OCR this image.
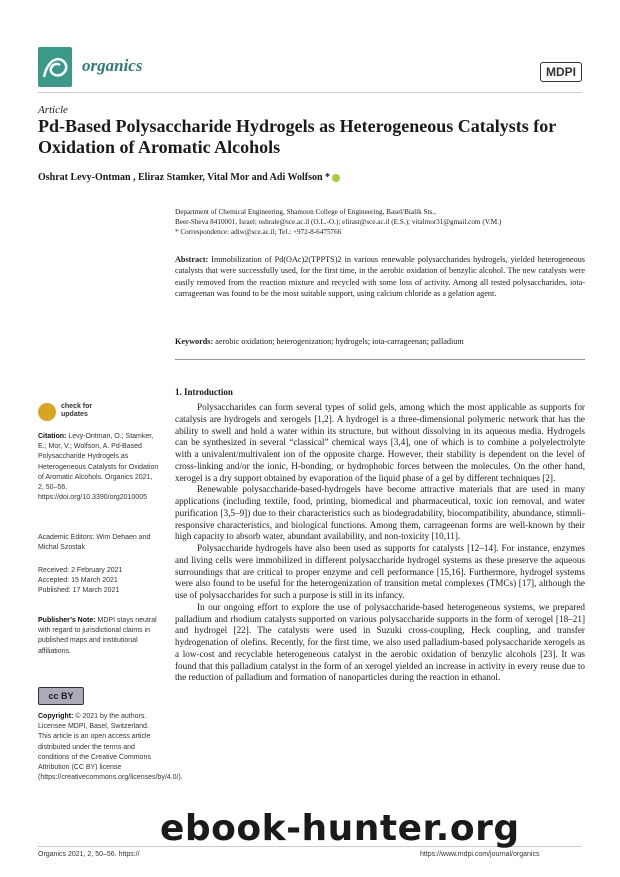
organics	MDPI
Article
Pd-Based Polysaccharide Hydrogels as Heterogeneous Catalysts for Oxidation of Aromatic Alcohols
Oshrat Levy-Ontman , Eliraz Stamker, Vital Mor and Adi Wolfson *
Department of Chemical Engineering, Shamoon College of Engineering, Basel/Bialik Sts.,
Beer-Sheva 8410001, Israel; oshrale@sce.ac.il (O.L.-O.); elirast@sce.ac.il (E.S.); vitalmor31@gmail.com (V.M.)
* Correspondence: adiw@sce.ac.il; Tel.: +972-8-6475766
Abstract: Immobilization of Pd(OAc)2(TPPTS)2 in various renewable polysaccharides hydrogels, yielded heterogeneous catalysts that were successfully used, for the first time, in the aerobic oxidation of benzylic alcohol. The new catalysts were easily removed from the reaction mixture and recycled with some loss of activity. Among all tested polysaccharides, iota-carrageenan was found to be the most suitable support, using calcium chloride as a gelation agent.
Keywords: aerobic oxidation; heterogenization; hydrogels; iota-carrageenan; palladium
1. Introduction

Polysaccharides can form several types of solid gels, among which the most applicable as supports for catalysis are hydrogels and xerogels [1,2]. A hydrogel is a three-dimensional polymeric network that has the ability to swell and hold a water within its structure, but without dissolving in its aqueous media. Hydrogels can be synthesized in several “classical” chemical ways [3,4], one of which is to combine a polyelectrolyte with a univalent/multivalent ion of the opposite charge. However, their stability is dependent on the level of cross-linking and/or the ionic, H-bonding, or hydrophobic forces between the molecules. On the other hand, xerogel is a dry support obtained by evaporation of the liquid phase of a gel by different techniques [2].

Renewable polysaccharide-based-hydrogels have become attractive materials that are used in many applications (including textile, food, printing, biomedical and pharmaceutical, toxic ion removal, and water purification [3,5–9]) due to their characteristics such as biodegradability, biocompatibility, abundance, stimuli-responsive characteristics, and biological functions. Among them, carrageenan forms are well-known by their high capacity to absorb water, abundant availability, and non-toxicity [10,11].

Polysaccharide hydrogels have also been used as supports for catalysts [12–14]. For instance, enzymes and living cells were immobilized in different polysaccharide hydrogel systems as these preserve the aqueous surroundings that are critical to proper enzyme and cell performance [15,16]. Furthermore, hydrogel systems were also found to be useful for the heterogenization of transition metal complexes (TMCs) [17], although the use of polysaccharides for such a purpose is still in its infancy.

In our ongoing effort to explore the use of polysaccharide-based heterogeneous systems, we prepared palladium and rhodium catalysts supported on various polysaccharide supports in the form of xerogel [18–21] and hydrogel [22]. The catalysts were used in Suzuki cross-coupling, Heck coupling, and transfer hydrogenation of olefins. Recently, for the first time, we also used palladium-based polysaccharide xerogels as a low-cost and recyclable heterogeneous catalyst in the aerobic oxidation of benzylic alcohols [23]. It was found that this palladium catalyst in the form of an xerogel yielded an increase in activity in every reuse due to the reduction of palladium and formation of nanoparticles during the reaction in ethanol.

check for
updates
Citation: Levy-Ontman, O.; Stamker, E.; Mor, V.; Wolfson, A. Pd-Based Polysaccharide Hydrogels as Heterogeneous Catalysts for Oxidation of Aromatic Alcohols. Organics 2021, 2, 50–56. https://doi.org/10.3390/org2010005
Academic Editors: Wim Dehaen and Michal Szostak
Received: 2 February 2021
Accepted: 15 March 2021
Published: 17 March 2021
Publisher’s Note: MDPI stays neutral with regard to jurisdictional claims in published maps and institutional affiliations.
cc BY
Copyright: © 2021 by the authors. Licensee MDPI, Basel, Switzerland. This article is an open access article distributed under the terms and conditions of the Creative Commons Attribution (CC BY) license (https://creativecommons.org/licenses/by/4.0/).
Organics 2021, 2, 50–56. https://	https://www.mdpi.com/journal/organics
ebook-hunter.org
